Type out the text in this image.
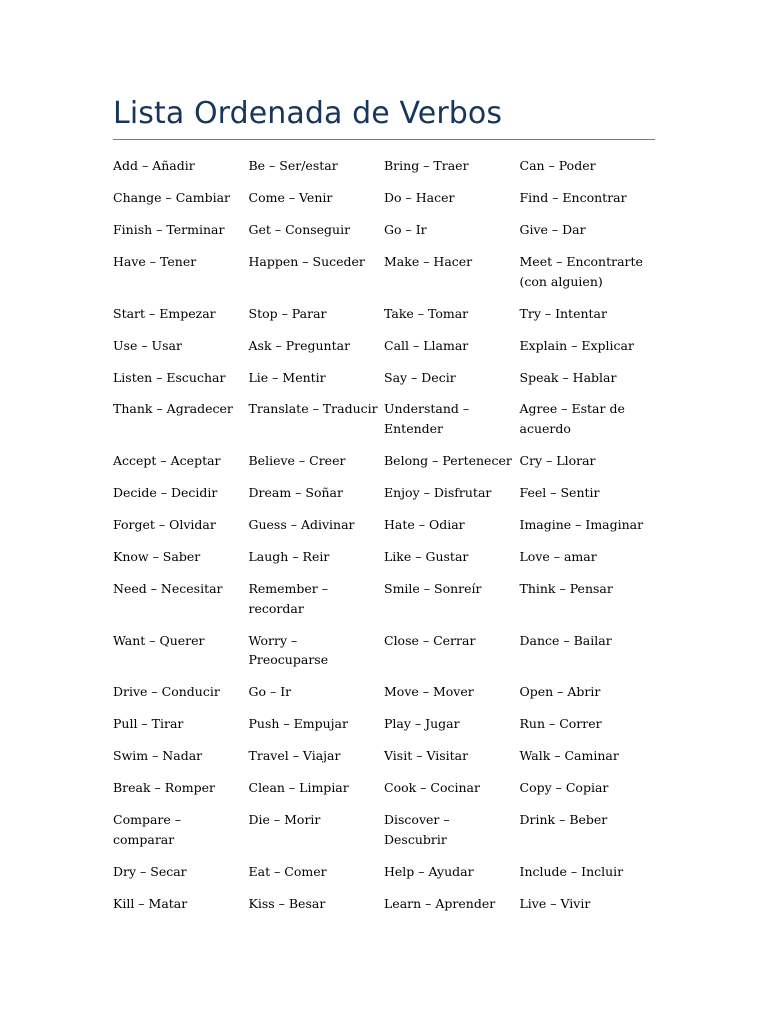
Lista Ordenada de Verbos
Add – Añadir	Be – Ser/estar	Bring – Traer	Can – Poder
Change – Cambiar	Come – Venir	Do – Hacer	Find – Encontrar
Finish – Terminar	Get – Conseguir	Go – Ir	Give – Dar
Have – Tener	Happen – Suceder	Make – Hacer	Meet – Encontrarte (con alguien)
Start – Empezar	Stop – Parar	Take – Tomar	Try – Intentar
Use – Usar	Ask – Preguntar	Call – Llamar	Explain – Explicar
Listen – Escuchar	Lie – Mentir	Say – Decir	Speak – Hablar
Thank – Agradecer	Translate – Traducir	Understand – Entender	Agree – Estar de acuerdo
Accept – Aceptar	Believe – Creer	Belong – Pertenecer	Cry – Llorar
Decide – Decidir	Dream – Soñar	Enjoy – Disfrutar	Feel – Sentir
Forget – Olvidar	Guess – Adivinar	Hate – Odiar	Imagine – Imaginar
Know – Saber	Laugh – Reir	Like – Gustar	Love – amar
Need – Necesitar	Remember – recordar	Smile – Sonreír	Think – Pensar
Want – Querer	Worry – Preocuparse	Close – Cerrar	Dance – Bailar
Drive – Conducir	Go – Ir	Move – Mover	Open – Abrir
Pull – Tirar	Push – Empujar	Play – Jugar	Run – Correr
Swim – Nadar	Travel – Viajar	Visit – Visitar	Walk – Caminar
Break – Romper	Clean – Limpiar	Cook – Cocinar	Copy – Copiar
Compare – comparar	Die – Morir	Discover – Descubrir	Drink – Beber
Dry – Secar	Eat – Comer	Help – Ayudar	Include – Incluir
Kill – Matar	Kiss – Besar	Learn – Aprender	Live – Vivir
